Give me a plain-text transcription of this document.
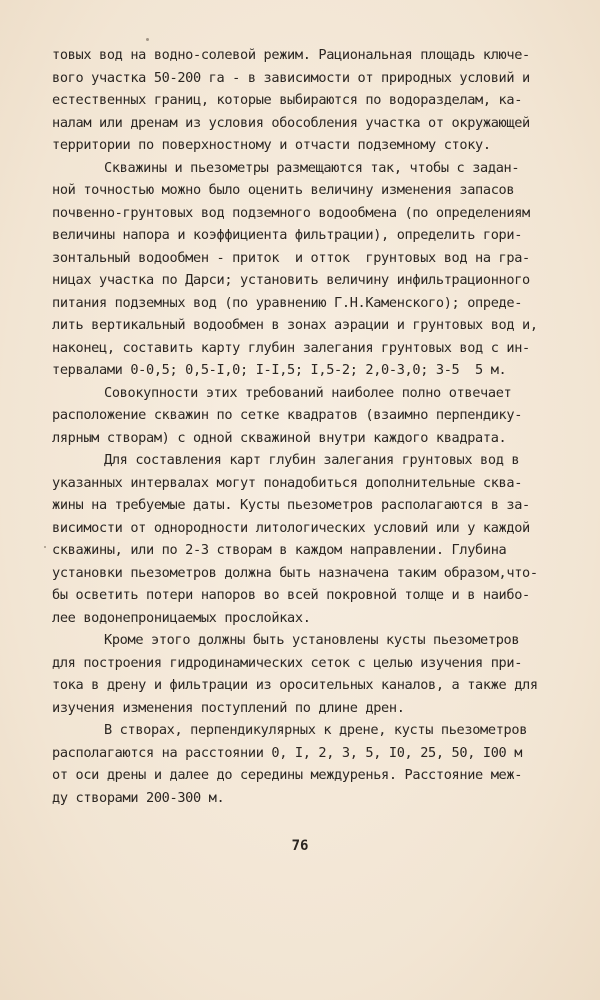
товых вод на водно-солевой режим. Рациональная площадь ключе-
вого участка 50-200 га - в зависимости от природных условий и
естественных границ, которые выбираются по водоразделам, ка-
налам или дренам из условия обособления участка от окружающей
территории по поверхностному и отчасти подземному стоку.
Скважины и пьезометры размещаются так, чтобы с задан-
ной точностью можно было оценить величину изменения запасов
почвенно-грунтовых вод подземного водообмена (по определениям
величины напора и коэффициента фильтрации), определить гори-
зонтальный водообмен - приток  и отток  грунтовых вод на гра-
ницах участка по Дарси; установить величину инфильтрационного
питания подземных вод (по уравнению Г.Н.Каменского); опреде-
лить вертикальный водообмен в зонах аэрации и грунтовых вод и,
наконец, составить карту глубин залегания грунтовых вод с ин-
тервалами 0-0,5; 0,5-I,0; I-I,5; I,5-2; 2,0-3,0; 3-5  5 м.
Совокупности этих требований наиболее полно отвечает
расположение скважин по сетке квадратов (взаимно перпендику-
лярным створам) с одной скважиной внутри каждого квадрата.
Для составления карт глубин залегания грунтовых вод в
указанных интервалах могут понадобиться дополнительные сква-
жины на требуемые даты. Кусты пьезометров располагаются в за-
висимости от однородности литологических условий или у каждой
скважины, или по 2-3 створам в каждом направлении. Глубина
установки пьезометров должна быть назначена таким образом,что-
бы осветить потери напоров во всей покровной толще и в наибо-
лее водонепроницаемых прослойках.
Кроме этого должны быть установлены кусты пьезометров
для построения гидродинамических сеток с целью изучения при-
тока в дрену и фильтрации из оросительных каналов, а также для
изучения изменения поступлений по длине дрен.
В створах, перпендикулярных к дрене, кусты пьезометров
располагаются на расстоянии 0, I, 2, 3, 5, I0, 25, 50, I00 м
от оси дрены и далее до середины междуренья. Расстояние меж-
ду створами 200-300 м.
76
